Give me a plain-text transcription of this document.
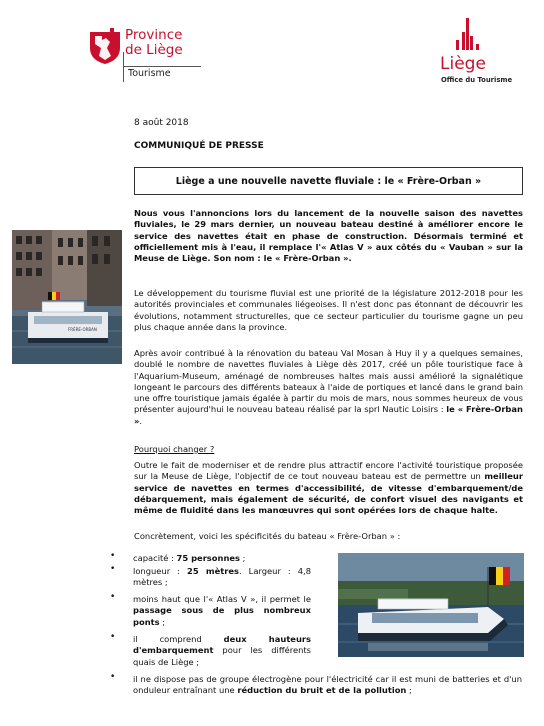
Province
de Liège
Tourisme	Liège
Office du Tourisme
8 août 2018
COMMUNIQUÉ DE PRESSE
Liège a une nouvelle navette fluviale : le « Frère-Orban »
FRÈRE-ORBAN
Nous vous l'annoncions lors du lancement de la nouvelle saison des navettes fluviales, le 29 mars dernier, un nouveau bateau destiné à améliorer encore le service des navettes était en phase de construction. Désormais terminé et officiellement mis à l'eau, il remplace l'« Atlas V » aux côtés du « Vauban » sur la Meuse de Liège. Son nom : le « Frère-Orban ».
Le développement du tourisme fluvial est une priorité de la législature 2012-2018 pour les autorités provinciales et communales liégeoises. Il n'est donc pas étonnant de découvrir les évolutions, notamment structurelles, que ce secteur particulier du tourisme gagne un peu plus chaque année dans la province.
Après avoir contribué à la rénovation du bateau Val Mosan à Huy il y a quelques semaines, doublé le nombre de navettes fluviales à Liège dès 2017, créé un pôle touristique face à l'Aquarium-Museum, aménagé de nombreuses haltes mais aussi amélioré la signalétique longeant le parcours des différents bateaux à l'aide de portiques et lancé dans le grand bain une offre touristique jamais égalée à partir du mois de mars, nous sommes heureux de vous présenter aujourd'hui le nouveau bateau réalisé par la sprl Nautic Loisirs : le « Frère-Orban ».
Pourquoi changer ?
Outre le fait de moderniser et de rendre plus attractif encore l'activité touristique proposée sur la Meuse de Liège, l'objectif de ce tout nouveau bateau est de permettre un meilleur service de navettes en termes d'accessibilité, de vitesse d'embarquement/de débarquement, mais également de sécurité, de confort visuel des navigants et même de fluidité dans les manœuvres qui sont opérées lors de chaque halte.
Concrètement, voici les spécificités du bateau « Frère-Orban » :
• capacité : 75 personnes ;
• longueur : 25 mètres. Largeur : 4,8 mètres ;
• moins haut que l'« Atlas V », il permet le passage sous de plus nombreux ponts ;
• il comprend deux hauteurs d'embarquement pour les différents quais de Liège ;
• il ne dispose pas de groupe électrogène pour l'électricité car il est muni de batteries et d'un onduleur entraînant une réduction du bruit et de la pollution ;
